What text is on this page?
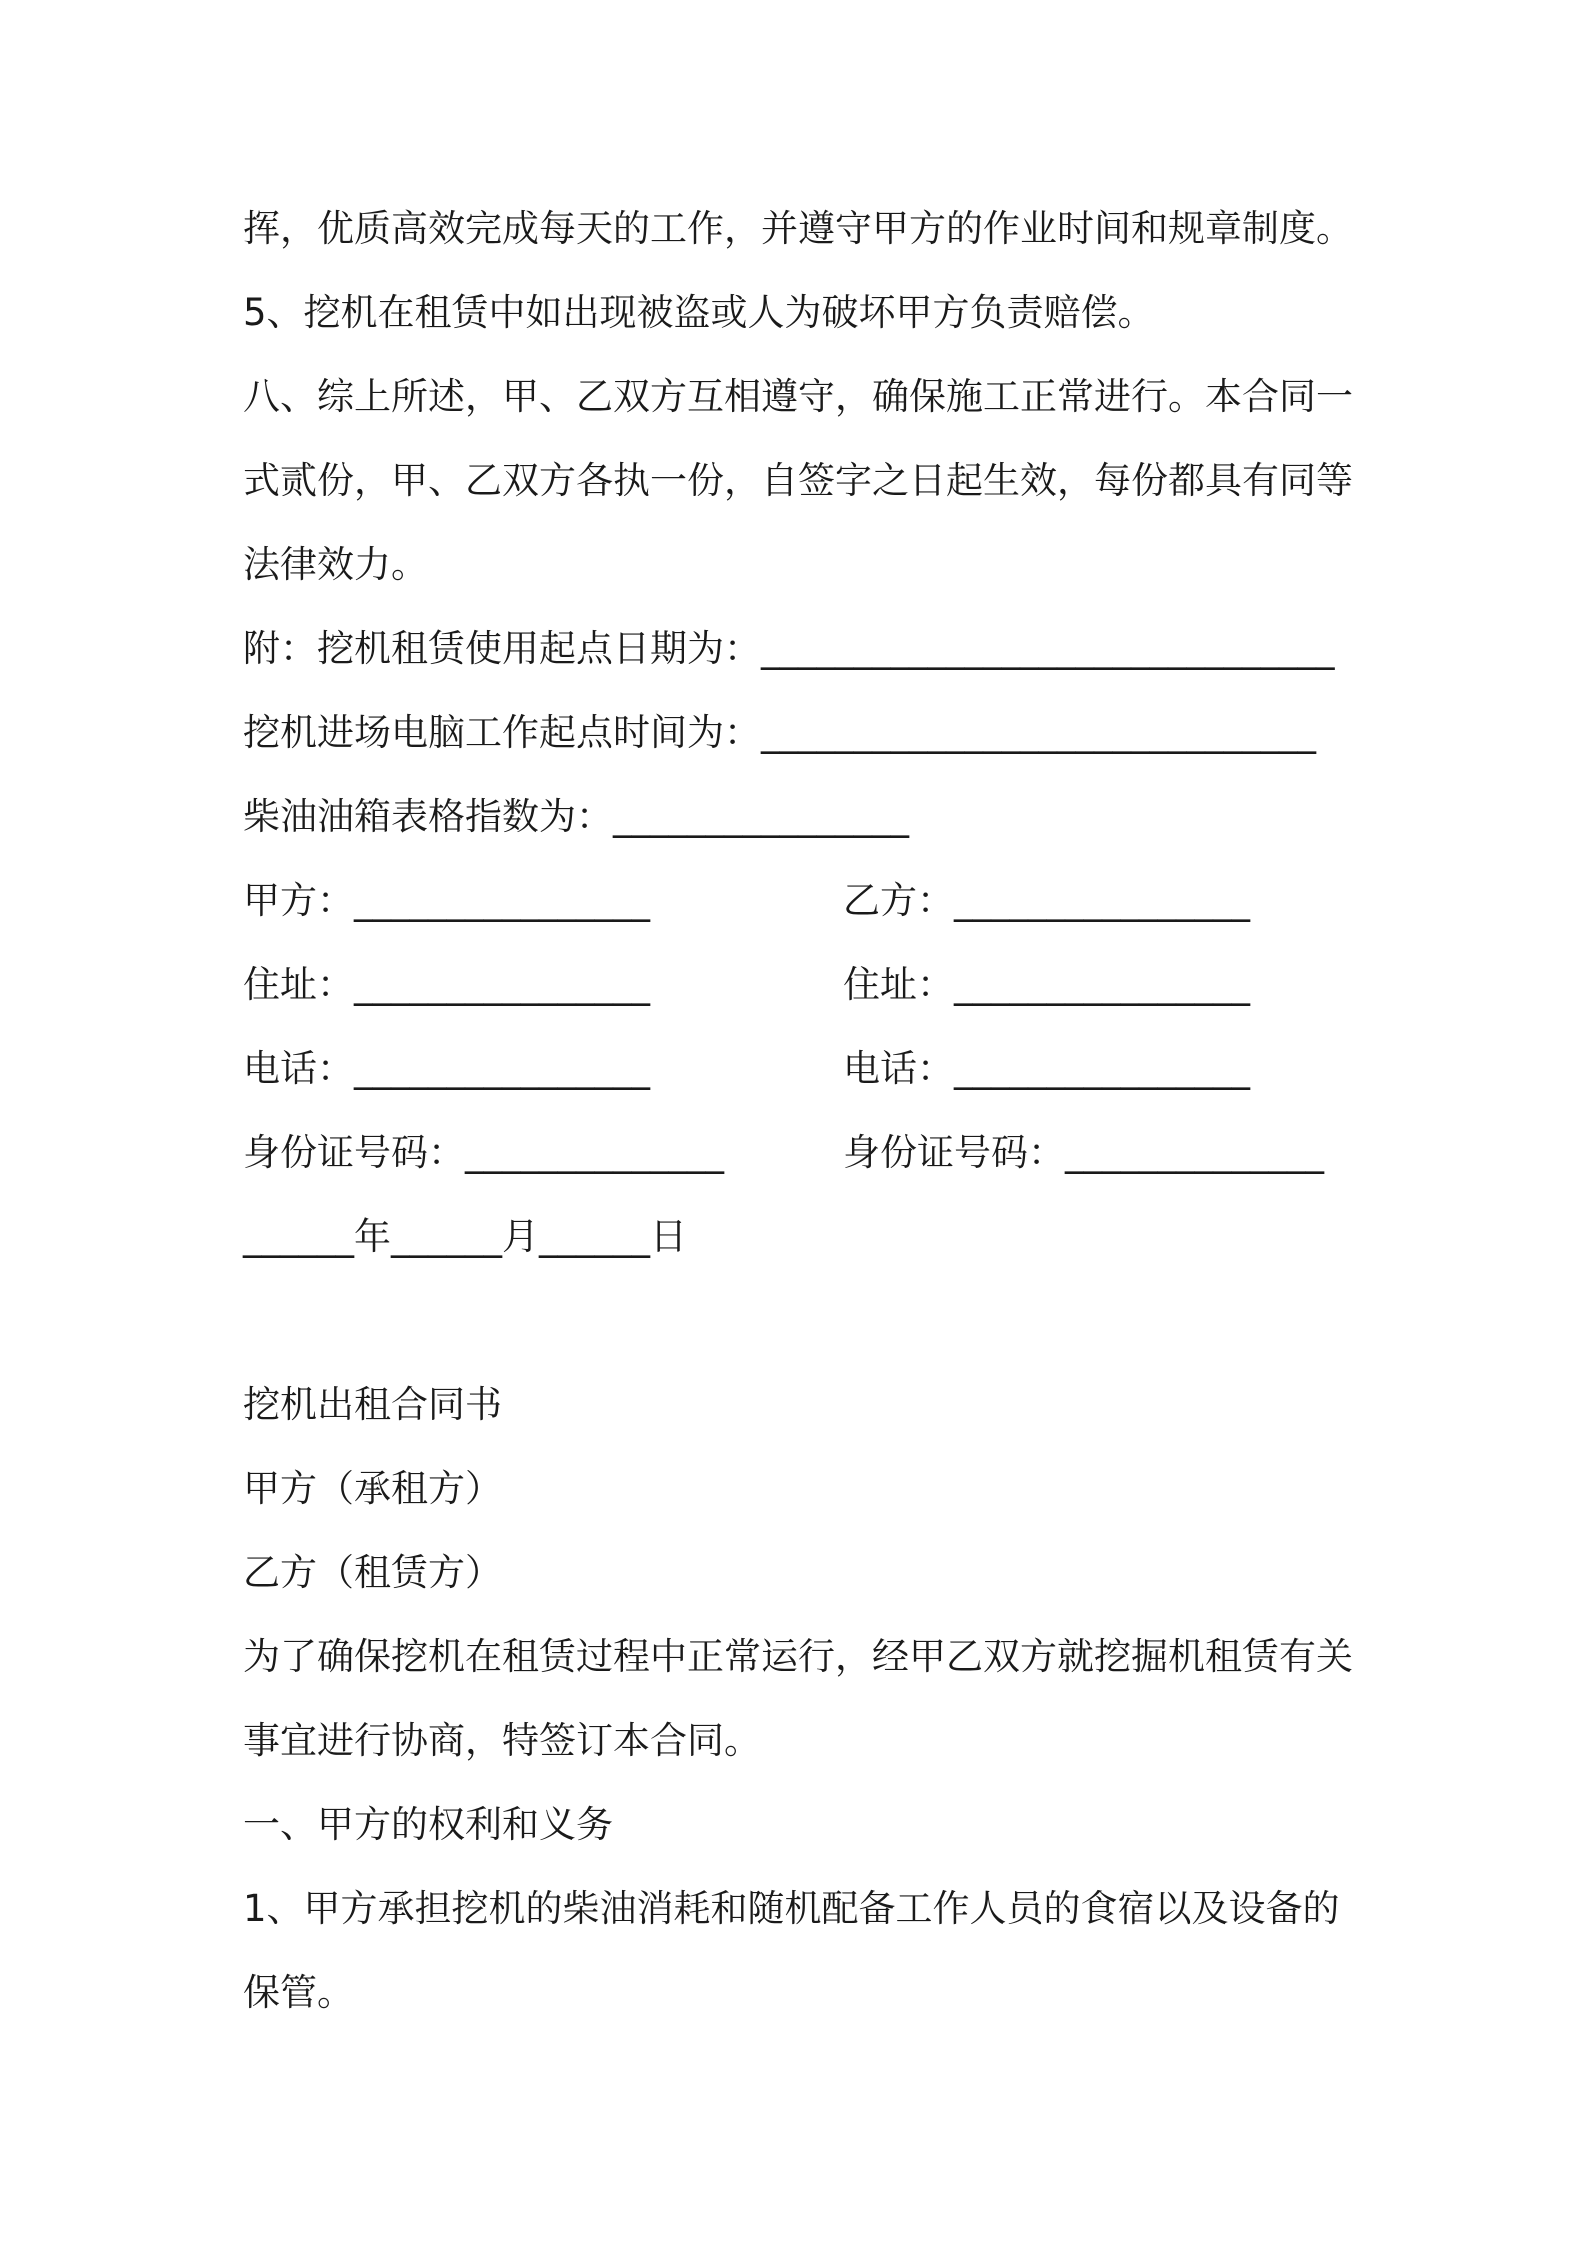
挥，优质高效完成每天的工作，并遵守甲方的作业时间和规章制度。
5、挖机在租赁中如出现被盗或人为破坏甲方负责赔偿。
八、综上所述，甲、乙双方互相遵守，确保施工正常进行。本合同一
式贰份，甲、乙双方各执一份，自签字之日起生效，每份都具有同等
法律效力。
附：挖机租赁使用起点日期为：_______________________________
挖机进场电脑工作起点时间为：______________________________
柴油油箱表格指数为：________________
甲方：________________	乙方：________________
住址：________________	住址：________________
电话：________________	电话：________________
身份证号码：______________	身份证号码：______________
______年______月______日
挖机出租合同书
甲方（承租方）
乙方（租赁方）
为了确保挖机在租赁过程中正常运行，经甲乙双方就挖掘机租赁有关
事宜进行协商，特签订本合同。
一、甲方的权利和义务
1、甲方承担挖机的柴油消耗和随机配备工作人员的食宿以及设备的
保管。
